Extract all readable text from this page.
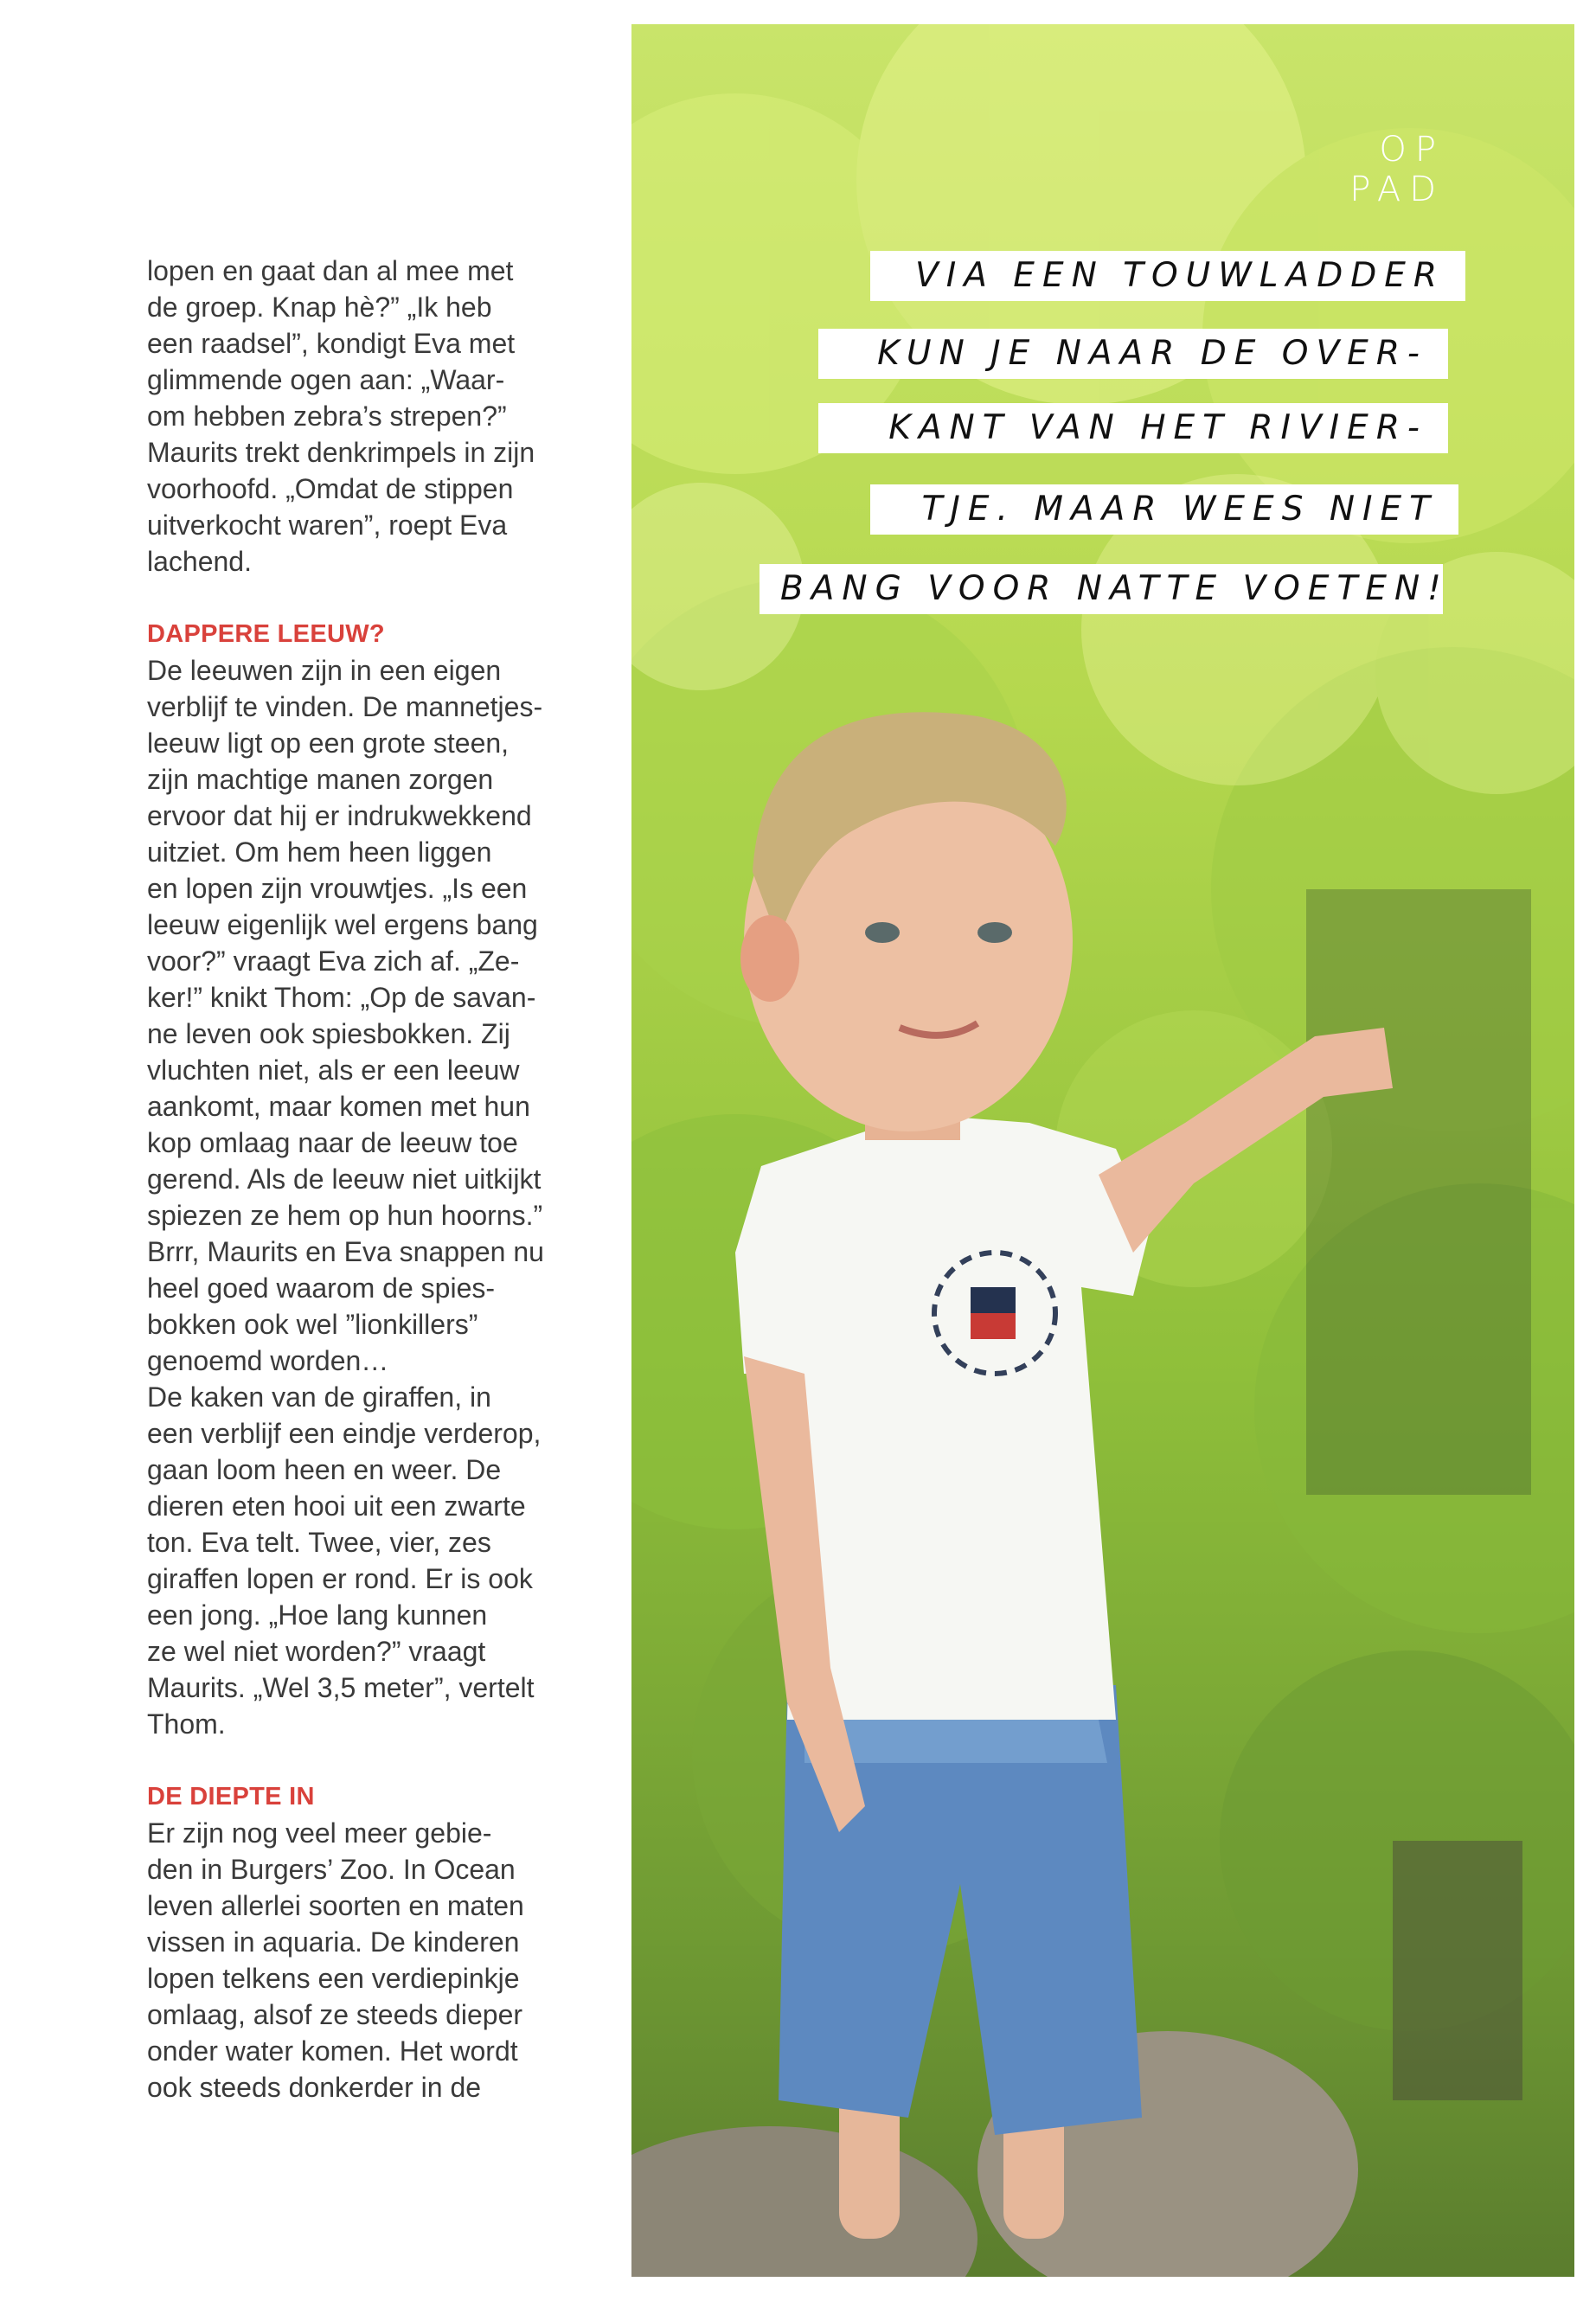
lopen en gaat dan al mee met
de groep. Knap hè?” „Ik heb
een raadsel”, kondigt Eva met
glimmende ogen aan: „Waar-
om hebben zebra’s strepen?”
Maurits trekt denkrimpels in zijn
voorhoofd. „Omdat de stippen
uitverkocht waren”, roept Eva
lachend.

DAPPERE LEEUW?

De leeuwen zijn in een eigen
verblijf te vinden. De mannetjes-
leeuw ligt op een grote steen,
zijn machtige manen zorgen
ervoor dat hij er indrukwekkend
uitziet. Om hem heen liggen
en lopen zijn vrouwtjes. „Is een
leeuw eigenlijk wel ergens bang
voor?” vraagt Eva zich af. „Ze-
ker!” knikt Thom: „Op de savan-
ne leven ook spiesbokken. Zij
vluchten niet, als er een leeuw
aankomt, maar komen met hun
kop omlaag naar de leeuw toe
gerend. Als de leeuw niet uitkijkt
spiezen ze hem op hun hoorns.”
Brrr, Maurits en Eva snappen nu
heel goed waarom de spies-
bokken ook wel ”lionkillers”
genoemd worden…

De kaken van de giraffen, in
een verblijf een eindje verderop,
gaan loom heen en weer. De
dieren eten hooi uit een zwarte
ton. Eva telt. Twee, vier, zes
giraffen lopen er rond. Er is ook
een jong. „Hoe lang kunnen
ze wel niet worden?” vraagt
Maurits. „Wel 3,5 meter”, vertelt
Thom.

DE DIEPTE IN

Er zijn nog veel meer gebie-
den in Burgers’ Zoo. In Ocean
leven allerlei soorten en maten
vissen in aquaria. De kinderen
lopen telkens een verdiepinkje
omlaag, alsof ze steeds dieper
onder water komen. Het wordt
ook steeds donkerder in de

OP PAD
VIA EEN TOUWLADDER
KUN JE NAAR DE OVER-
KANT VAN HET RIVIER-
TJE. MAAR WEES NIET
BANG VOOR NATTE VOETEN!
